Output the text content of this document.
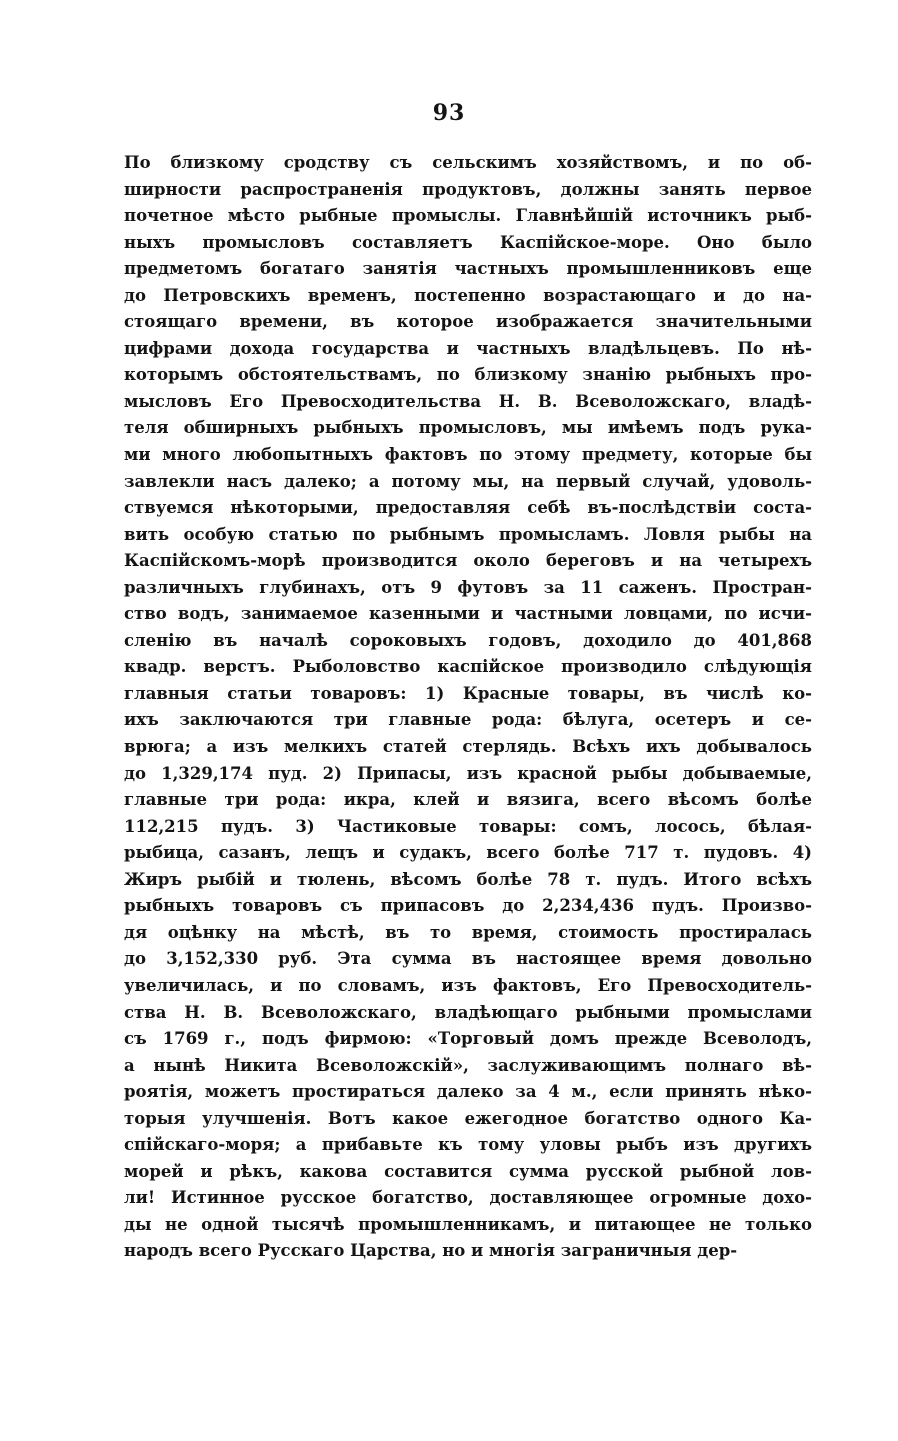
93
По близкому сродству съ сельскимъ хозяйствомъ, и по об-
ширности распространенія продуктовъ, должны занять первое
почетное мѣсто рыбные промыслы. Главнѣйшій источникъ рыб-
ныхъ промысловъ составляетъ Каспійское-море. Оно было
предметомъ богатаго занятія частныхъ промышленниковъ еще
до Петровскихъ временъ, постепенно возрастающаго и до на-
стоящаго времени, въ которое изображается значительными
цифрами дохода государства и частныхъ владѣльцевъ. По нѣ-
которымъ обстоятельствамъ, по близкому знанію рыбныхъ про-
мысловъ Его Превосходительства Н. В. Всеволожскаго, владѣ-
теля обширныхъ рыбныхъ промысловъ, мы имѣемъ подъ рука-
ми много любопытныхъ фактовъ по этому предмету, которые бы
завлекли насъ далеко; а потому мы, на первый случай, удоволь-
ствуемся нѣкоторыми, предоставляя себѣ въ-послѣдствіи соста-
вить особую статью по рыбнымъ промысламъ. Ловля рыбы на
Каспійскомъ-морѣ производится около береговъ и на четырехъ
различныхъ глубинахъ, отъ 9 футовъ за 11 саженъ. Простран-
ство водъ, занимаемое казенными и частными ловцами, по исчи-
сленію въ началѣ сороковыхъ годовъ, доходило до 401,868
квадр. верстъ. Рыболовство каспійское производило слѣдующія
главныя статьи товаровъ: 1) Красные товары, въ числѣ ко-
ихъ заключаются три главные рода: бѣлуга, осетеръ и се-
врюга; а изъ мелкихъ статей стерлядь. Всѣхъ ихъ добывалось
до 1,329,174 пуд. 2) Припасы, изъ красной рыбы добываемые,
главные три рода: икра, клей и вязига, всего вѣсомъ болѣе
112,215 пудъ. 3) Частиковые товары: сомъ, лосось, бѣлая-
рыбица, сазанъ, лещъ и судакъ, всего болѣе 717 т. пудовъ. 4)
Жиръ рыбій и тюлень, вѣсомъ болѣе 78 т. пудъ. Итого всѣхъ
рыбныхъ товаровъ съ припасовъ до 2,234,436 пудъ. Произво-
дя оцѣнку на мѣстѣ, въ то время, стоимость простиралась
до 3,152,330 руб. Эта сумма въ настоящее время довольно
увеличилась, и по словамъ, изъ фактовъ, Его Превосходитель-
ства Н. В. Всеволожскаго, владѣющаго рыбными промыслами
съ 1769 г., подъ фирмою: «Торговый домъ прежде Всеволодъ,
а нынѣ Никита Всеволожскій», заслуживающимъ полнаго вѣ-
роятія, можетъ простираться далеко за 4 м., если принять нѣко-
торыя улучшенія. Вотъ какое ежегодное богатство одного Ка-
спійскаго-моря; а прибавьте къ тому уловы рыбъ изъ другихъ
морей и рѣкъ, какова составится сумма русской рыбной лов-
ли! Истинное русское богатство, доставляющее огромные дохо-
ды не одной тысячѣ промышленникамъ, и питающее не только
народъ всего Русскаго Царства, но и многія заграничныя дер-
